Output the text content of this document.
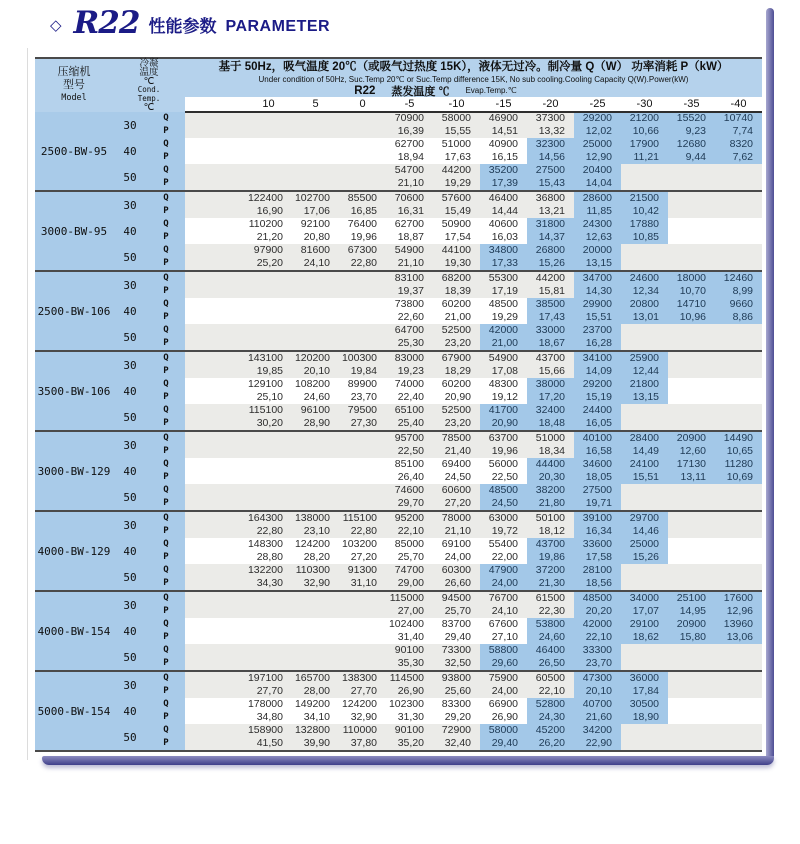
◇ R22 性能参数 PARAMETER
压缩机
型号
Model
冷凝
温度
℃
Cond.
Temp.
℃
基于 50Hz，吸气温度 20℃（或吸气过热度 15K），液体无过冷。制冷量 Q（W） 功率消耗 P（kW）
Under condition of 50Hz, Suc.Temp 20℃ or Suc.Temp difference 15K, No sub cooling.Cooling Capacity Q(W).Power(kW)
R22 蒸发温度 ℃ Evap.Temp.℃
10	5	0	-5	-10	-15	-20	-25	-30	-35	-40
2500-BW-95	30	Q					70900	58000	46900	37300	29200	21200	15520	10740
		P					16,39	15,55	14,51	13,32	12,02	10,66	9,23	7,74
	40	Q					62700	51000	40900	32300	25000	17900	12680	8320
		P					18,94	17,63	16,15	14,56	12,90	11,21	9,44	7,62
	50	Q					54700	44200	35200	27500	20400			
		P					21,10	19,29	17,39	15,43	14,04			
3000-BW-95	30	Q		122400	102700	85500	70600	57600	46400	36800	28600	21500		
		P		16,90	17,06	16,85	16,31	15,49	14,44	13,21	11,85	10,42		
	40	Q		110200	92100	76400	62700	50900	40600	31800	24300	17880		
		P		21,20	20,80	19,96	18,87	17,54	16,03	14,37	12,63	10,85		
	50	Q		97900	81600	67300	54900	44100	34800	26800	20000			
		P		25,20	24,10	22,80	21,10	19,30	17,33	15,26	13,15			
2500-BW-106	30	Q					83100	68200	55300	44200	34700	24600	18000	12460
		P					19,37	18,39	17,19	15,81	14,30	12,34	10,70	8,99
	40	Q					73800	60200	48500	38500	29900	20800	14710	9660
		P					22,60	21,00	19,29	17,43	15,51	13,01	10,96	8,86
	50	Q					64700	52500	42000	33000	23700			
		P					25,30	23,20	21,00	18,67	16,28			
3500-BW-106	30	Q		143100	120200	100300	83000	67900	54900	43700	34100	25900		
		P		19,85	20,10	19,84	19,23	18,29	17,08	15,66	14,09	12,44		
	40	Q		129100	108200	89900	74000	60200	48300	38000	29200	21800		
		P		25,10	24,60	23,70	22,40	20,90	19,12	17,20	15,19	13,15		
	50	Q		115100	96100	79500	65100	52500	41700	32400	24400			
		P		30,20	28,90	27,30	25,40	23,20	20,90	18,48	16,05			
3000-BW-129	30	Q					95700	78500	63700	51000	40100	28400	20900	14490
		P					22,50	21,40	19,96	18,34	16,58	14,49	12,60	10,65
	40	Q					85100	69400	56000	44400	34600	24100	17130	11280
		P					26,40	24,50	22,50	20,30	18,05	15,51	13,11	10,69
	50	Q					74600	60600	48500	38200	27500			
		P					29,70	27,20	24,50	21,80	19,71			
4000-BW-129	30	Q		164300	138000	115100	95200	78000	63000	50100	39100	29700		
		P		22,80	23,10	22,80	22,10	21,10	19,72	18,12	16,34	14,46		
	40	Q		148300	124200	103200	85000	69100	55400	43700	33600	25000		
		P		28,80	28,20	27,20	25,70	24,00	22,00	19,86	17,58	15,26		
	50	Q		132200	110300	91300	74700	60300	47900	37200	28100			
		P		34,30	32,90	31,10	29,00	26,60	24,00	21,30	18,56			
4000-BW-154	30	Q					115000	94500	76700	61500	48500	34000	25100	17600
		P					27,00	25,70	24,10	22,30	20,20	17,07	14,95	12,96
	40	Q					102400	83700	67600	53800	42000	29100	20900	13960
		P					31,40	29,40	27,10	24,60	22,10	18,62	15,80	13,06
	50	Q					90100	73300	58800	46400	33300			
		P					35,30	32,50	29,60	26,50	23,70			
5000-BW-154	30	Q		197100	165700	138300	114500	93800	75900	60500	47300	36000		
		P		27,70	28,00	27,70	26,90	25,60	24,00	22,10	20,10	17,84		
	40	Q		178000	149200	124200	102300	83300	66900	52800	40700	30500		
		P		34,80	34,10	32,90	31,30	29,20	26,90	24,30	21,60	18,90		
	50	Q		158900	132800	110000	90100	72900	58000	45200	34200			
		P		41,50	39,90	37,80	35,20	32,40	29,40	26,20	22,90			
